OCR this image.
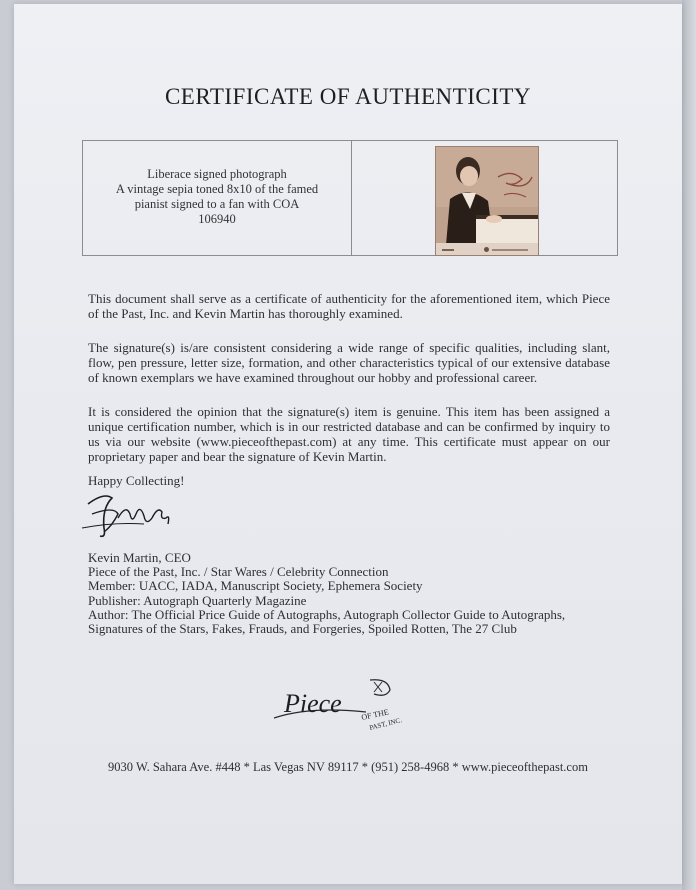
CERTIFICATE OF AUTHENTICITY
Liberace signed photograph
A vintage sepia toned 8x10 of the famed
pianist signed to a fan with COA
106940
This document shall serve as a certificate of authenticity for the aforementioned item, which Piece of the Past, Inc. and Kevin Martin has thoroughly examined.
The signature(s) is/are consistent considering a wide range of specific qualities, including slant, flow, pen pressure, letter size, formation, and other characteristics typical of our extensive database of known exemplars we have examined throughout our hobby and professional career.
It is considered the opinion that the signature(s) item is genuine. This item has been assigned a unique certification number, which is in our restricted database and can be confirmed by inquiry to us via our website (www.pieceofthepast.com) at any time. This certificate must appear on our proprietary paper and bear the signature of Kevin Martin.
Happy Collecting!
Kevin Martin, CEO
Piece of the Past, Inc. / Star Wares / Celebrity Connection
Member: UACC, IADA, Manuscript Society, Ephemera Society
Publisher: Autograph Quarterly Magazine
Author: The Official Price Guide of Autographs, Autograph Collector Guide to Autographs,
Signatures of the Stars, Fakes, Frauds, and Forgeries, Spoiled Rotten, The 27 Club
Piece OF THE
PAST, INC.
9030 W. Sahara Ave. #448 * Las Vegas NV 89117 * (951) 258-4968 * www.pieceofthepast.com
